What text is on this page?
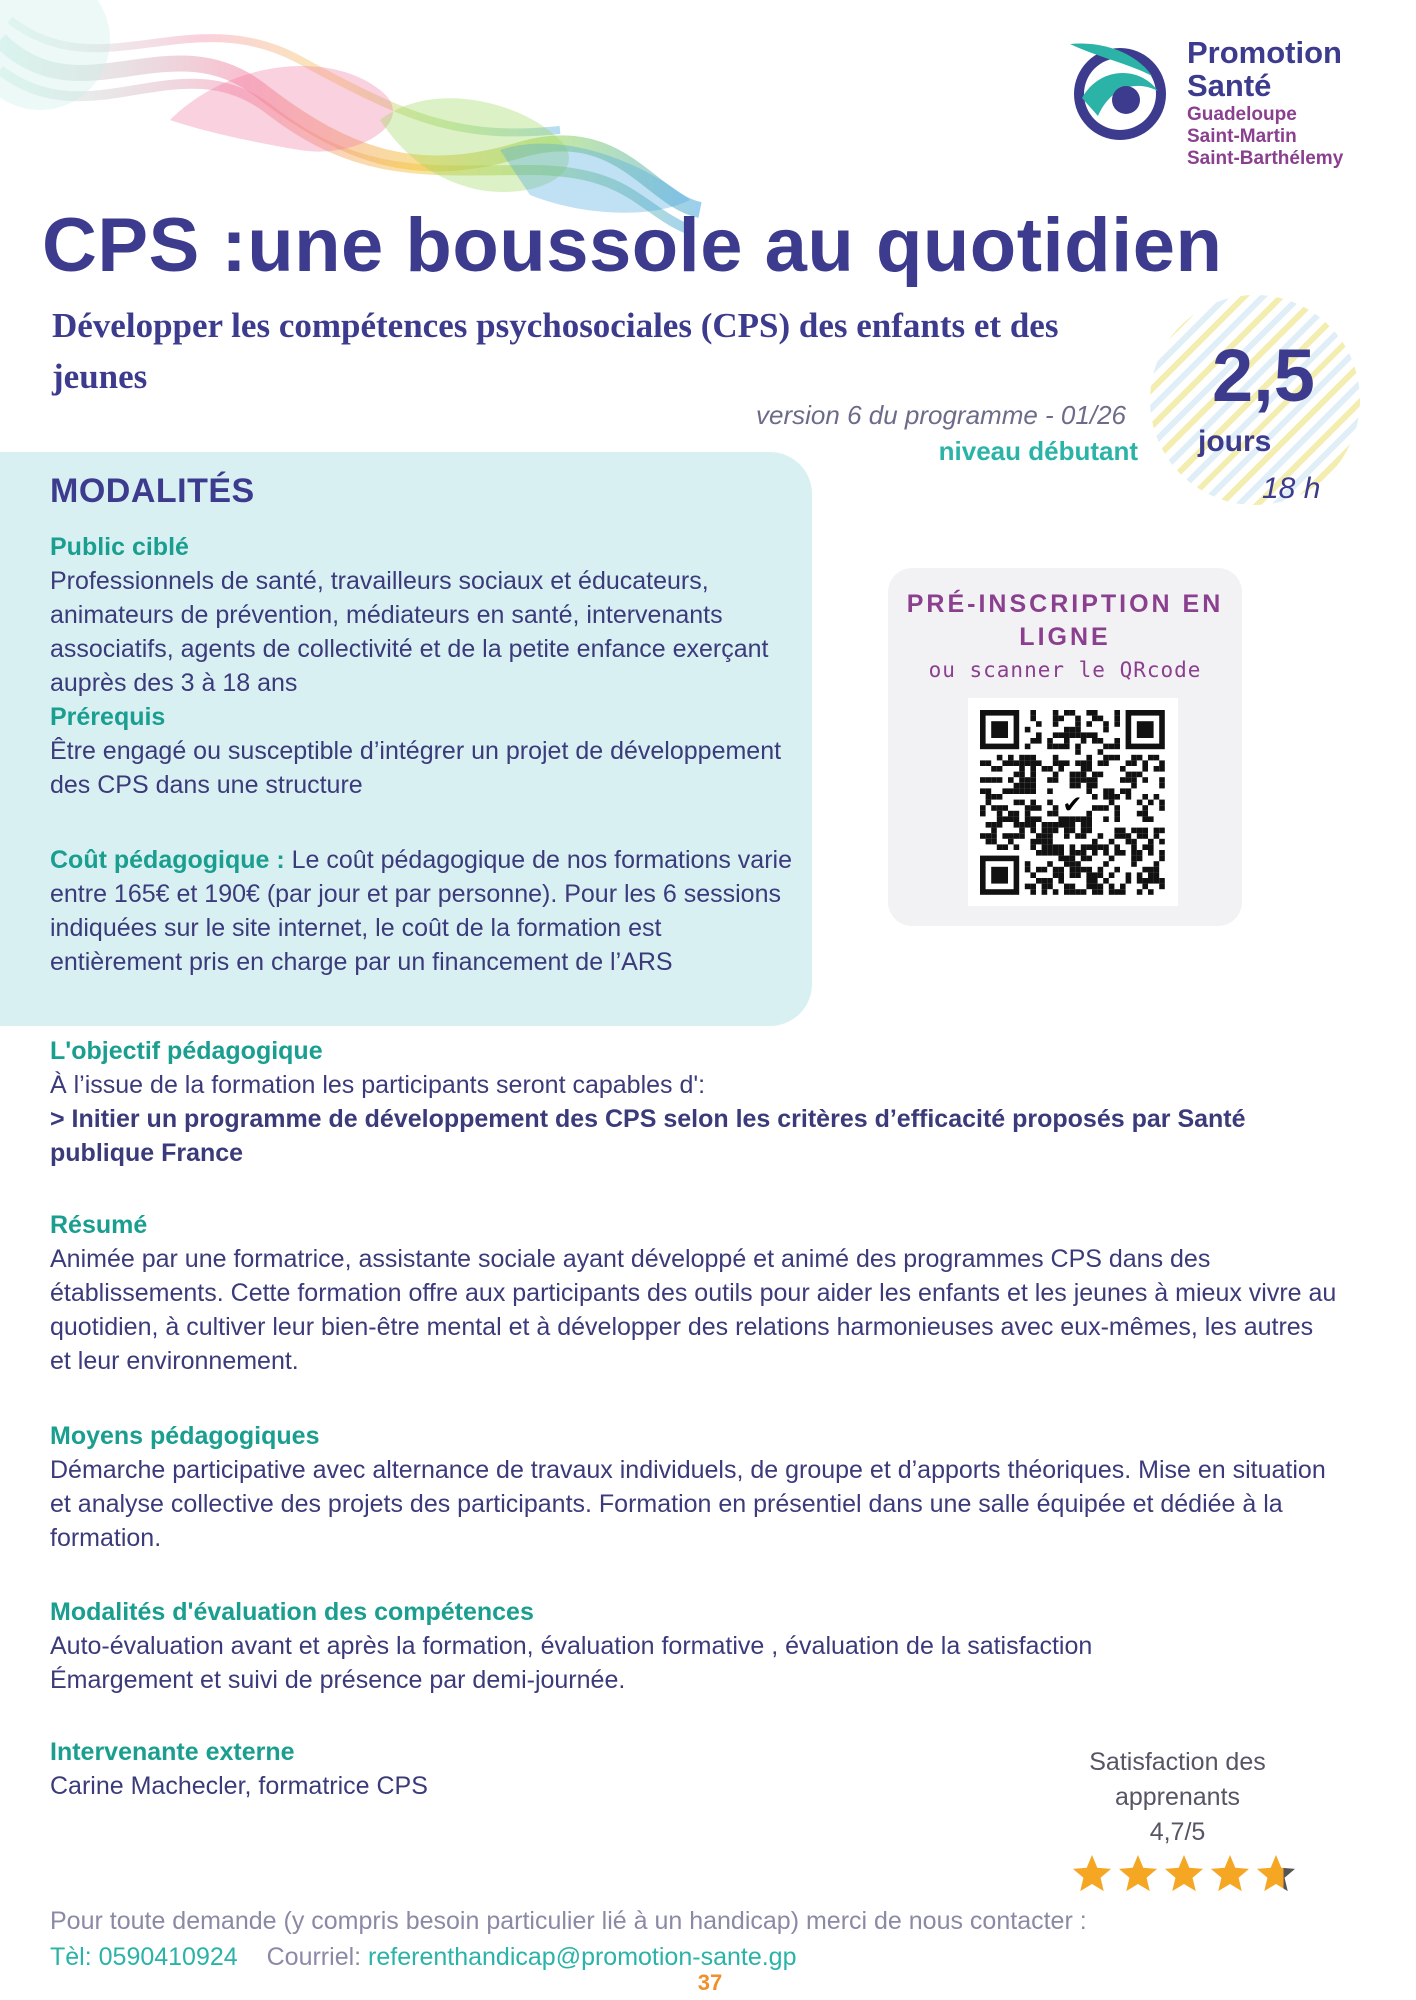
Promotion
Santé
Guadeloupe
Saint-Martin
Saint-Barthélemy
CPS :une boussole au quotidien
Développer les compétences psychosociales (CPS) des enfants et des jeunes
version 6 du programme - 01/26
niveau débutant
2,5
jours
18 h
MODALITÉS
Public ciblé
Professionnels de santé, travailleurs sociaux et éducateurs, animateurs de prévention, médiateurs en santé, intervenants associatifs, agents de collectivité et de la petite enfance exerçant auprès des 3 à 18 ans
Prérequis
Être engagé ou susceptible d’intégrer un projet de développement des CPS dans une structure
Coût pédagogique : Le coût pédagogique de nos formations varie entre 165€ et 190€ (par jour et par personne). Pour les 6 sessions indiquées sur le site internet, le coût de la formation est entièrement pris en charge par un financement de l’ARS
PRÉ-INSCRIPTION EN LIGNE
ou scanner le QRcode
✔
L'objectif pédagogique
À l’issue de la formation les participants seront capables d':
> Initier un programme de développement des CPS selon les critères d’efficacité proposés par Santé publique France
Résumé
Animée par une formatrice, assistante sociale ayant développé et animé des programmes CPS dans des établissements. Cette formation offre aux participants des outils pour aider les enfants et les jeunes à mieux vivre au quotidien, à cultiver leur bien-être mental et à développer des relations harmonieuses avec eux-mêmes, les autres et leur environnement.
Moyens pédagogiques
Démarche participative avec alternance de travaux individuels, de groupe et d’apports théoriques. Mise en situation et analyse collective des projets des participants. Formation en présentiel dans une salle équipée et dédiée à la formation.
Modalités d'évaluation des compétences
Auto-évaluation avant et après la formation, évaluation formative , évaluation de la satisfaction
Émargement et suivi de présence par demi-journée.
Intervenante externe
Carine Machecler, formatrice CPS
Satisfaction des
apprenants
4,7/5
Pour toute demande (y compris besoin particulier lié à un handicap) merci de nous contacter :
Tèl: 0590410924 Courriel: referenthandicap@promotion-sante.gp
37
